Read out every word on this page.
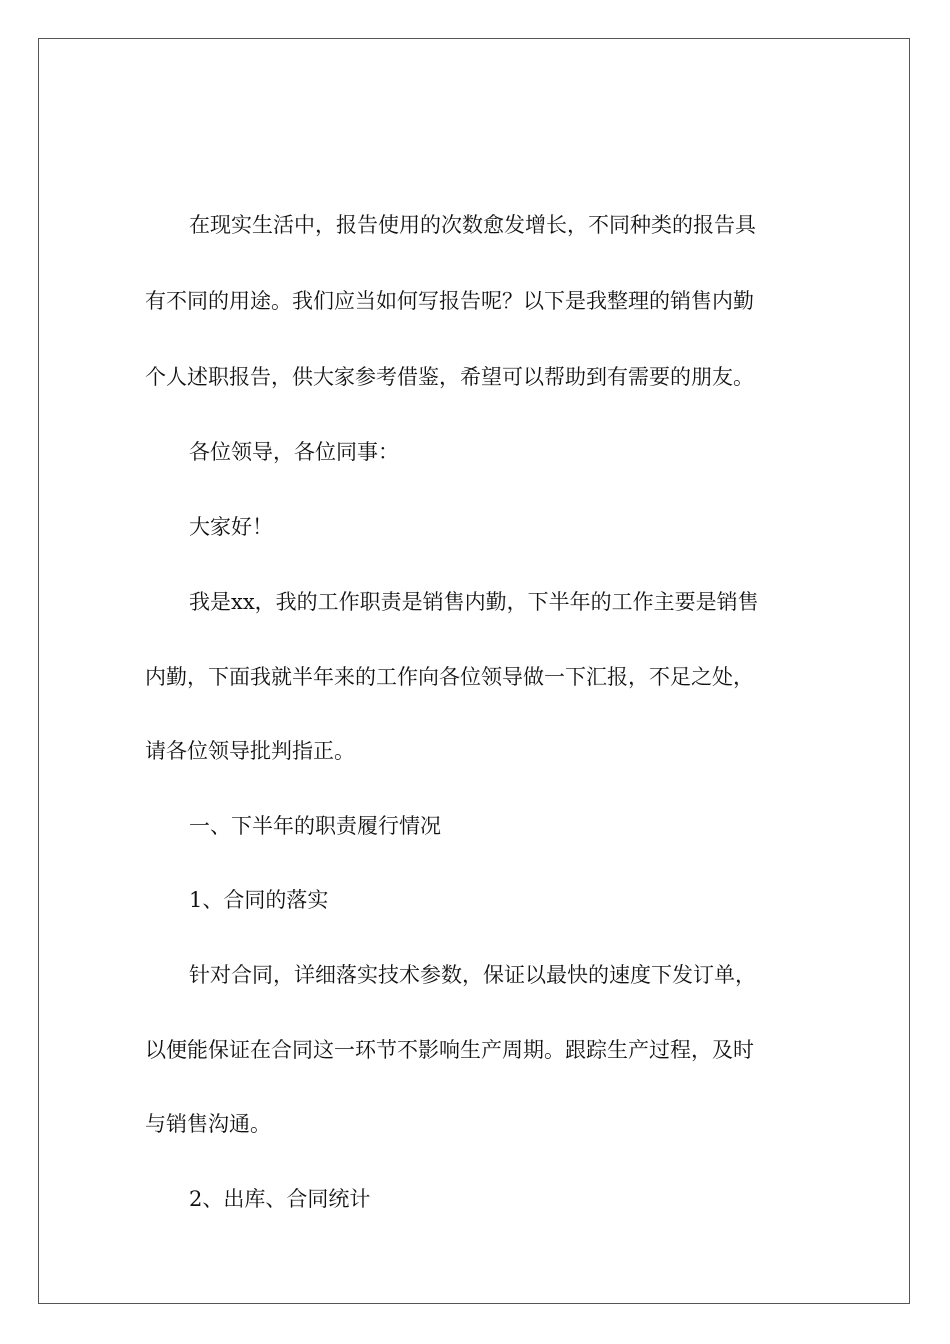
在现实生活中，报告使用的次数愈发增长，不同种类的报告具
有不同的用途。我们应当如何写报告呢？以下是我整理的销售内勤
个人述职报告，供大家参考借鉴，希望可以帮助到有需要的朋友。
各位领导，各位同事：
大家好！
我是xx，我的工作职责是销售内勤，下半年的工作主要是销售
内勤，下面我就半年来的工作向各位领导做一下汇报，不足之处，
请各位领导批判指正。
一、下半年的职责履行情况
1、合同的落实
针对合同，详细落实技术参数，保证以最快的速度下发订单，
以便能保证在合同这一环节不影响生产周期。跟踪生产过程，及时
与销售沟通。
2、出库、合同统计
